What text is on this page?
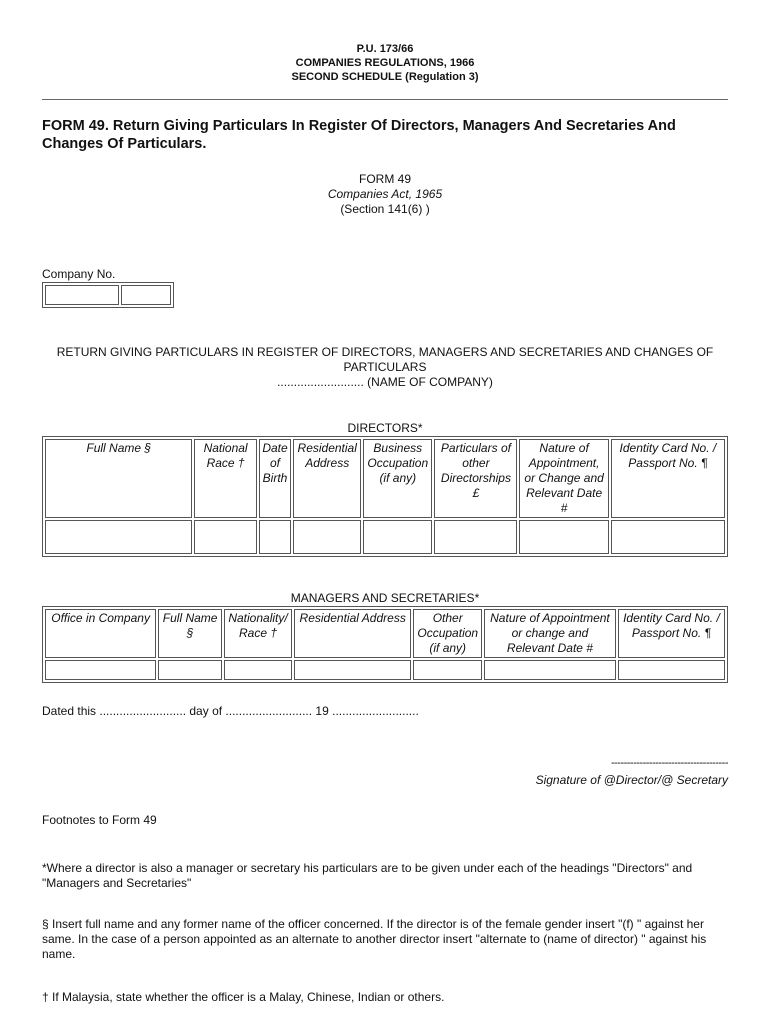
P.U. 173/66
COMPANIES REGULATIONS, 1966
SECOND SCHEDULE (Regulation 3)
FORM 49. Return Giving Particulars In Register Of Directors, Managers And Secretaries And Changes Of Particulars.
FORM 49
Companies Act, 1965
(Section 141(6) )
Company No.

RETURN GIVING PARTICULARS IN REGISTER OF DIRECTORS, MANAGERS AND SECRETARIES AND CHANGES OF PARTICULARS
.......................... (NAME OF COMPANY)
DIRECTORS*
Full Name §	National Race †	Date of Birth	Residential Address	Business Occupation (if any)	Particulars of other Directorships £	Nature of Appointment, or Change and Relevant Date #	Identity Card No. / Passport No. ¶

MANAGERS AND SECRETARIES*
Office in Company	Full Name §	Nationality/ Race †	Residential Address	Other Occupation (if any)	Nature of Appointment or change and Relevant Date #	Identity Card No. / Passport No. ¶

Dated this .......................... day of .......................... 19 ..........................
-------------------------------------
Signature of @Director/@ Secretary
Footnotes to Form 49
*Where a director is also a manager or secretary his particulars are to be given under each of the headings "Directors" and "Managers and Secretaries"
§ Insert full name and any former name of the officer concerned. If the director is of the female gender insert "(f) " against her same. In the case of a person appointed as an alternate to another director insert "alternate to (name of director) " against his name.
† If Malaysia, state whether the officer is a Malay, Chinese, Indian or others.
